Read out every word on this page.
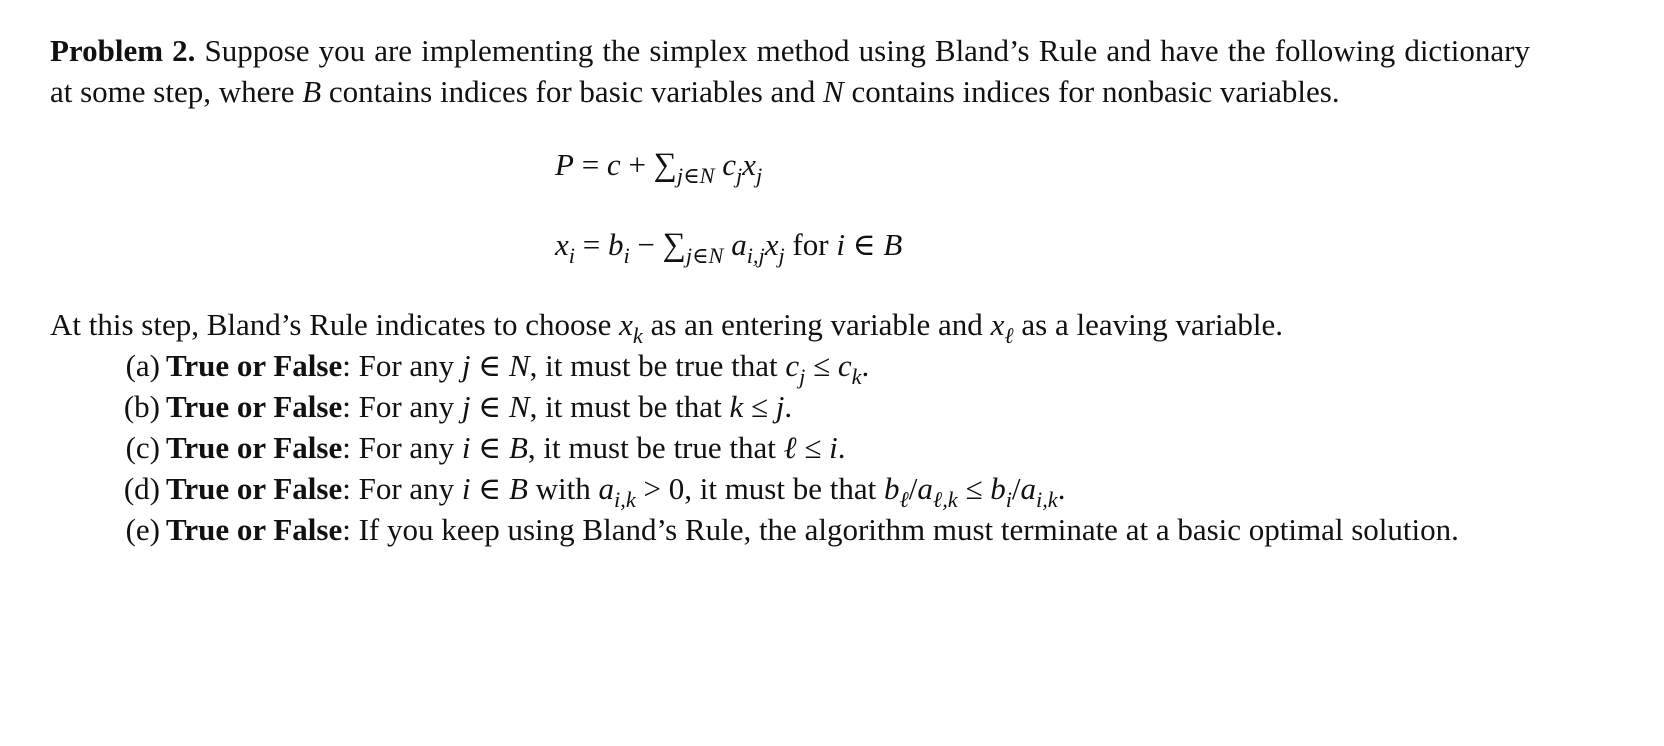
Problem 2. Suppose you are implementing the simplex method using Bland’s Rule and have the following dictionary at some step, where B contains indices for basic variables and N contains indices for nonbasic variables.

$P = c + \sum_{j\in N}$ $c_jx_j$
$x_i = b_i - \sum_{j\in N}$ $a_{i,j}x_j$ for i ∈ B

At this step, Bland’s Rule indicates to choose $x_k$ as an entering variable and $x_\ell$ as a leaving variable.

(a) True or False: For any j ∈ N, it must be true that $c_j \le c_k$.
(b) True or False: For any j ∈ N, it must be that k ≤ j.
(c) True or False: For any i ∈ B, it must be true that ℓ ≤ i.
(d) True or False: For any i ∈ B with $a_{i,k} > 0$, it must be that $b_\ell/a_{\ell,k} \le b_i/a_{i,k}$.
(e) True or False: If you keep using Bland’s Rule, the algorithm must terminate at a basic optimal solution.
